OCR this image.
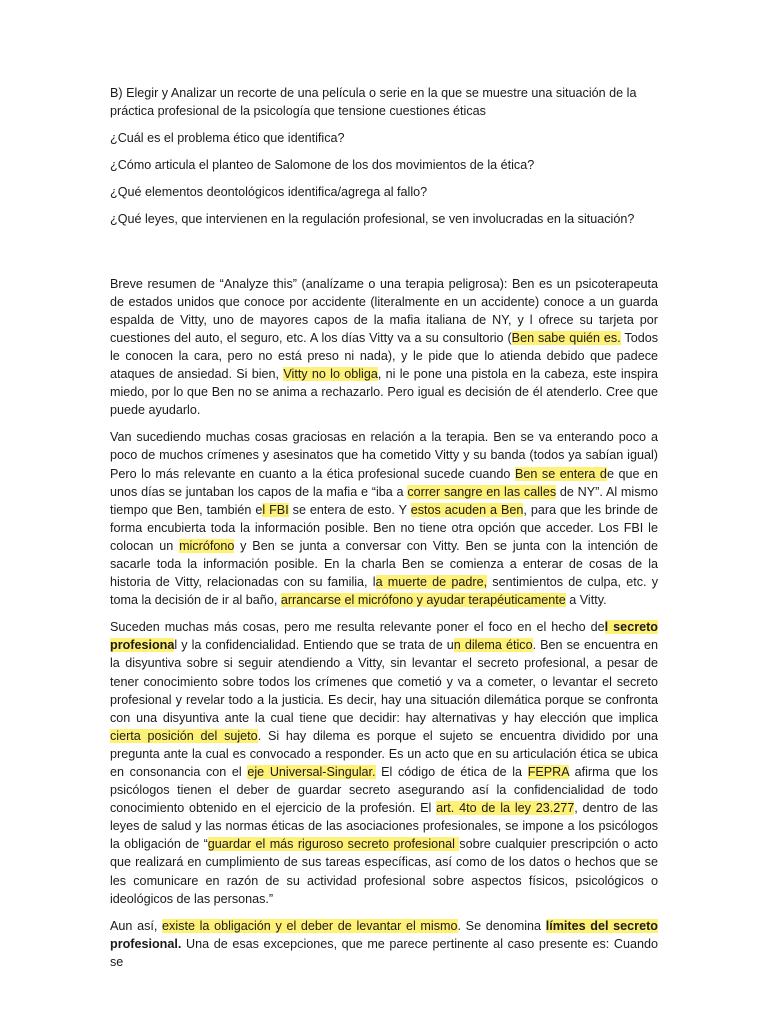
B) Elegir y Analizar un recorte de una película o serie en la que se muestre una situación de la práctica profesional de la psicología que tensione cuestiones éticas

¿Cuál es el problema ético que identifica?

¿Cómo articula el planteo de Salomone de los dos movimientos de la ética?

¿Qué elementos deontológicos identifica/agrega al fallo?

¿Qué leyes, que intervienen en la regulación profesional, se ven involucradas en la situación?

Breve resumen de “Analyze this” (analízame o una terapia peligrosa): Ben es un psicoterapeuta de estados unidos que conoce por accidente (literalmente en un accidente) conoce a un guarda espalda de Vitty, uno de mayores capos de la mafia italiana de NY, y l ofrece su tarjeta por cuestiones del auto, el seguro, etc. A los días Vitty va a su consultorio (Ben sabe quién es. Todos le conocen la cara, pero no está preso ni nada), y le pide que lo atienda debido que padece ataques de ansiedad. Si bien, Vitty no lo obliga, ni le pone una pistola en la cabeza, este inspira miedo, por lo que Ben no se anima a rechazarlo. Pero igual es decisión de él atenderlo. Cree que puede ayudarlo.

Van sucediendo muchas cosas graciosas en relación a la terapia. Ben se va enterando poco a poco de muchos crímenes y asesinatos que ha cometido Vitty y su banda (todos ya sabían igual) Pero lo más relevante en cuanto a la ética profesional sucede cuando Ben se entera de que en unos días se juntaban los capos de la mafia e “iba a correr sangre en las calles de NY”. Al mismo tiempo que Ben, también el FBI se entera de esto. Y estos acuden a Ben, para que les brinde de forma encubierta toda la información posible. Ben no tiene otra opción que acceder. Los FBI le colocan un micrófono y Ben se junta a conversar con Vitty. Ben se junta con la intención de sacarle toda la información posible. En la charla Ben se comienza a enterar de cosas de la historia de Vitty, relacionadas con su familia, la muerte de padre, sentimientos de culpa, etc. y toma la decisión de ir al baño, arrancarse el micrófono y ayudar terapéuticamente a Vitty.

Suceden muchas más cosas, pero me resulta relevante poner el foco en el hecho del secreto profesional y la confidencialidad. Entiendo que se trata de un dilema ético. Ben se encuentra en la disyuntiva sobre si seguir atendiendo a Vitty, sin levantar el secreto profesional, a pesar de tener conocimiento sobre todos los crímenes que cometió y va a cometer, o levantar el secreto profesional y revelar todo a la justicia. Es decir, hay una situación dilemática porque se confronta con una disyuntiva ante la cual tiene que decidir: hay alternativas y hay elección que implica cierta posición del sujeto. Si hay dilema es porque el sujeto se encuentra dividido por una pregunta ante la cual es convocado a responder. Es un acto que en su articulación ética se ubica en consonancia con el eje Universal-Singular. El código de ética de la FEPRA afirma que los psicólogos tienen el deber de guardar secreto asegurando así la confidencialidad de todo conocimiento obtenido en el ejercicio de la profesión. El art. 4to de la ley 23.277, dentro de las leyes de salud y las normas éticas de las asociaciones profesionales, se impone a los psicólogos la obligación de “guardar el más riguroso secreto profesional sobre cualquier prescripción o acto que realizará en cumplimiento de sus tareas específicas, así como de los datos o hechos que se les comunicare en razón de su actividad profesional sobre aspectos físicos, psicológicos o ideológicos de las personas.”

Aun así, existe la obligación y el deber de levantar el mismo. Se denomina límites del secreto profesional. Una de esas excepciones, que me parece pertinente al caso presente es: Cuando se
